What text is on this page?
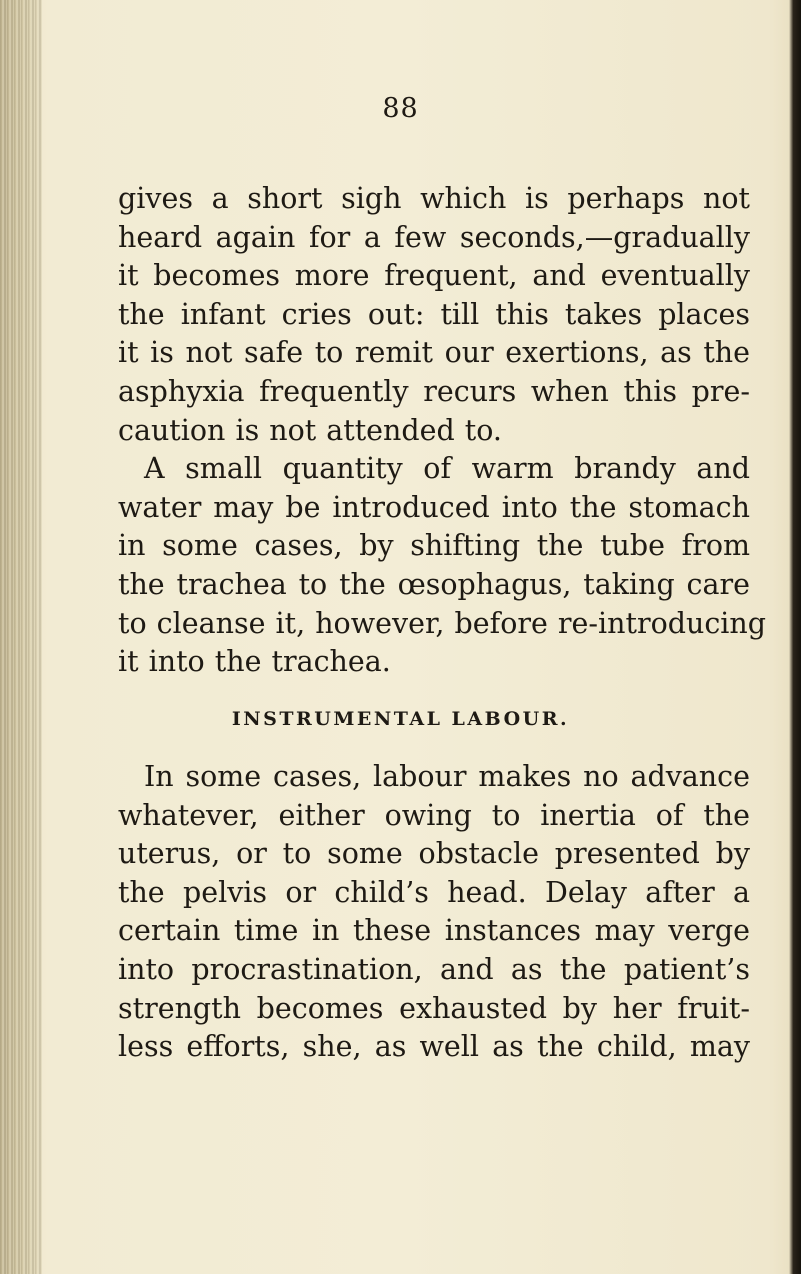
88
gives a short sigh which is perhaps not
heard again for a few seconds,—gradually
it becomes more frequent, and eventually
the infant cries out: till this takes places
it is not safe to remit our exertions, as the
asphyxia frequently recurs when this pre-
caution is not attended to.
A small quantity of warm brandy and
water may be introduced into the stomach
in some cases, by shifting the tube from
the trachea to the œsophagus, taking care
to cleanse it, however, before re-introducing
it into the trachea.
INSTRUMENTAL LABOUR.
In some cases, labour makes no advance
whatever, either owing to inertia of the
uterus, or to some obstacle presented by
the pelvis or child’s head. Delay after a
certain time in these instances may verge
into procrastination, and as the patient’s
strength becomes exhausted by her fruit-
less efforts, she, as well as the child, may
